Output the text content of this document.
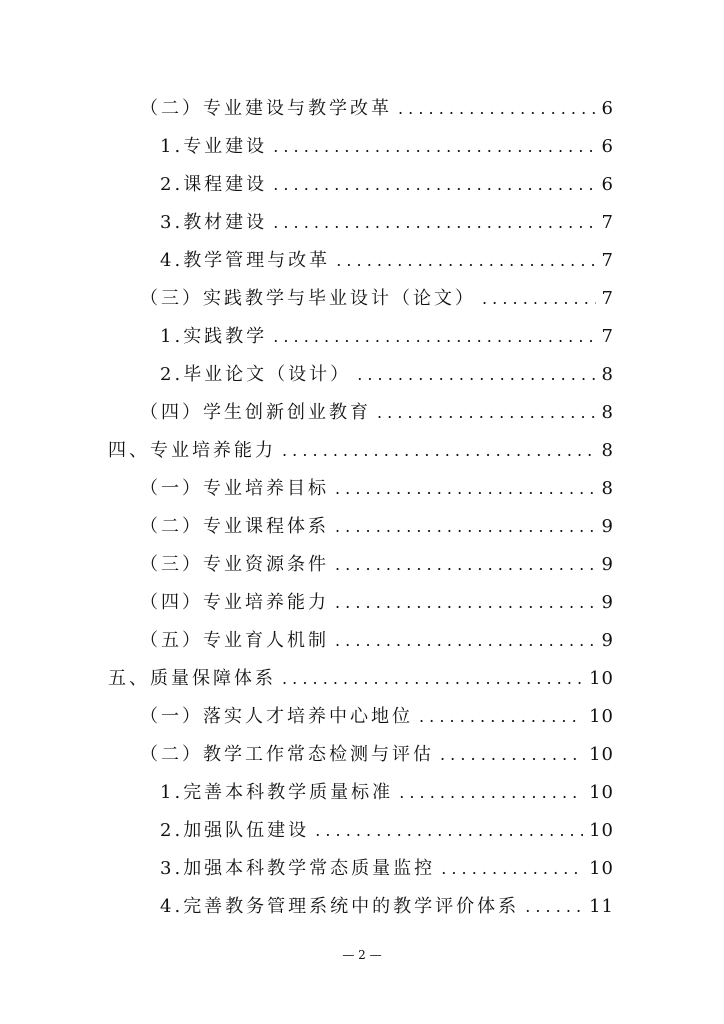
（二） 专业建设与教学改革 . . .	6
1. 专业建设 . . .	6
2. 课程建设 . . .	6
3. 教材建设 . . .	7
4. 教学管理与改革 . . .	7
（三） 实践教学与毕业设计（论文） . . .	7
1. 实践教学 . . .	7
2. 毕业论文（设计） . . .	8
（四） 学生创新创业教育 . . .	8
四、 专业培养能力 . . .	8
（一） 专业培养目标 . . .	8
（二） 专业课程体系 . . .	9
（三） 专业资源条件 . . .	9
（四） 专业培养能力 . . .	9
（五） 专业育人机制 . . .	9
五、 质量保障体系 . . .	10
（一） 落实人才培养中心地位 . . .	10
（二） 教学工作常态检测与评估 . . .	10
1. 完善本科教学质量标准 . . .	10
2. 加强队伍建设 . . .	10
3. 加强本科教学常态质量监控 . . .	10
4. 完善教务管理系统中的教学评价体系 . . .	11
— 2 —
